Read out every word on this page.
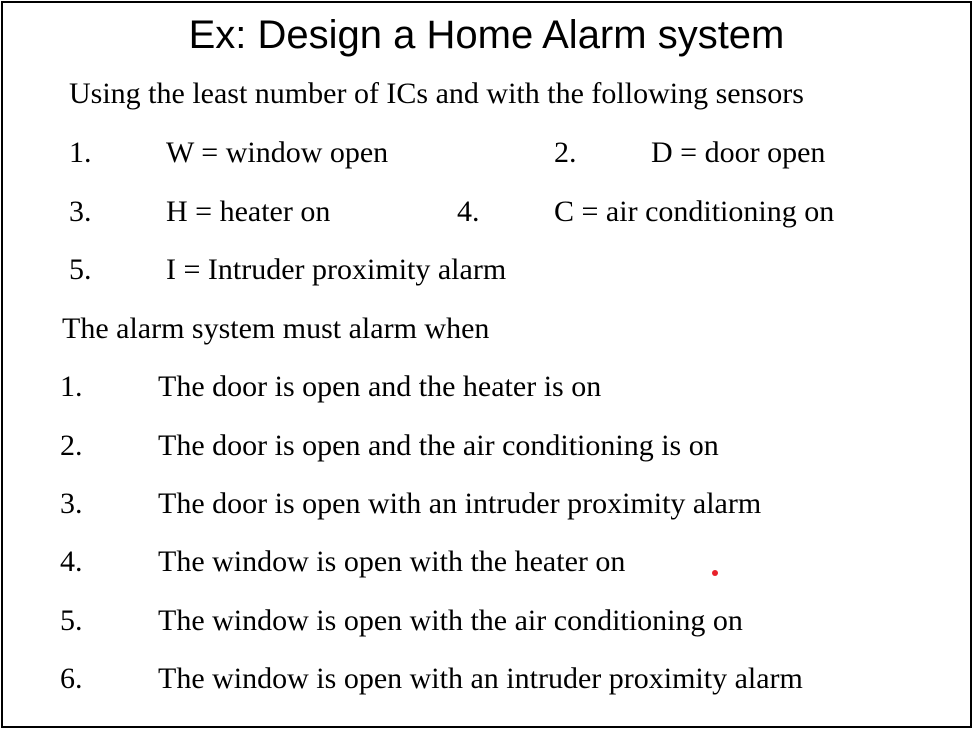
Ex: Design a Home Alarm system
Using the least number of ICs and with the following sensors
1. W = window open	2. D = door open
3. H = heater on	4. C = air conditioning on
5. I = Intruder proximity alarm
The alarm system must alarm when
1.	The door is open and the heater is on
2.	The door is open and the air conditioning is on
3.	The door is open with an intruder proximity alarm
4.	The window is open with the heater on
5.	The window is open with the air conditioning on
6.	The window is open with an intruder proximity alarm
